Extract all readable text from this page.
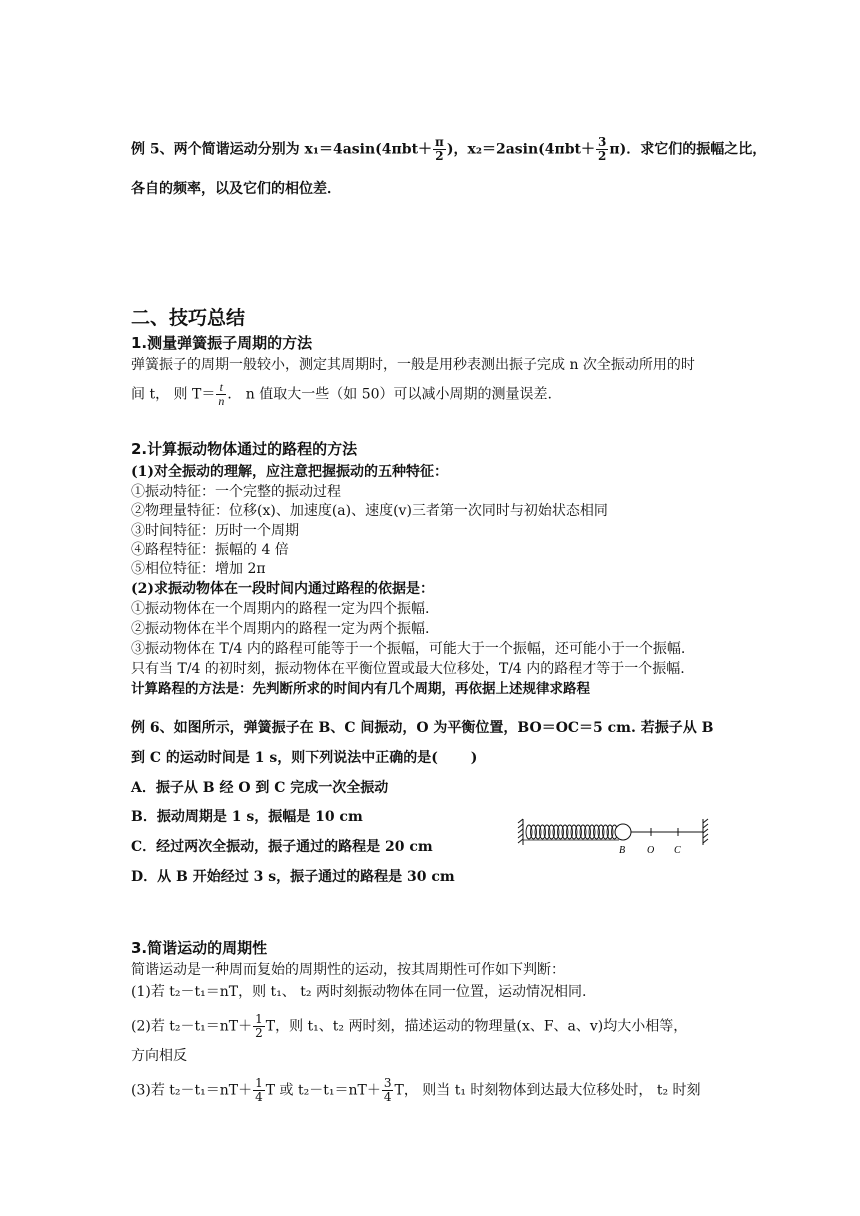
例 5、两个简谐运动分别为 $x_1=4asin(4\pi bt+ \frac{\pi}{2}$ )，$x_2=2asin(4\pi bt+ \frac{3}{2} \pi)$．求它们的振幅之比，
各自的频率，以及它们的相位差．
二、技巧总结
1.测量弹簧振子周期的方法
弹簧振子的周期一般较小，测定其周期时，一般是用秒表测出振子完成 n 次全振动所用的时
间 t， 则 $T= \frac{t}{n}$ ． n 值取大一些（如 50）可以减小周期的测量误差.
2.计算振动物体通过的路程的方法
(1)对全振动的理解，应注意把握振动的五种特征：
①振动特征：一个完整的振动过程
②物理量特征：位移(x)、加速度(a)、速度(v)三者第一次同时与初始状态相同
③时间特征：历时一个周期
④路程特征：振幅的 4 倍
⑤相位特征：增加 2π
(2)求振动物体在一段时间内通过路程的依据是：
①振动物体在一个周期内的路程一定为四个振幅.
②振动物体在半个周期内的路程一定为两个振幅.
③振动物体在 T/4 内的路程可能等于一个振幅，可能大于一个振幅，还可能小于一个振幅.
只有当 T/4 的初时刻，振动物体在平衡位置或最大位移处，T/4 内的路程才等于一个振幅.
计算路程的方法是：先判断所求的时间内有几个周期，再依据上述规律求路程
例 6、如图所示，弹簧振子在 B、C 间振动，O 为平衡位置，BO＝OC＝5 cm. 若振子从 B
到 C 的运动时间是 1 s，则下列说法中正确的是(　　 )
A．振子从 B 经 O 到 C 完成一次全振动
B．振动周期是 1 s，振幅是 10 cm
C．经过两次全振动，振子通过的路程是 20 cm
D．从 B 开始经过 3 s，振子通过的路程是 30 cm
B O C
3.简谐运动的周期性
简谐运动是一种周而复始的周期性的运动，按其周期性可作如下判断：
(1)若 t₂－t₁＝nT，则 t₁、 t₂ 两时刻振动物体在同一位置，运动情况相同.
(2)若 $t_2-t_1=nT+ \frac{1}{2}$ T，则 t₁、t₂ 两时刻，描述运动的物理量(x、F、a、v)均大小相等，
方向相反
(3)若 $t_2-t_1=nT+ \frac{1}{4}$ T 或 $t_2-t_1=nT+ \frac{3}{4}$ T， 则当 t₁ 时刻物体到达最大位移处时， t₂ 时刻
